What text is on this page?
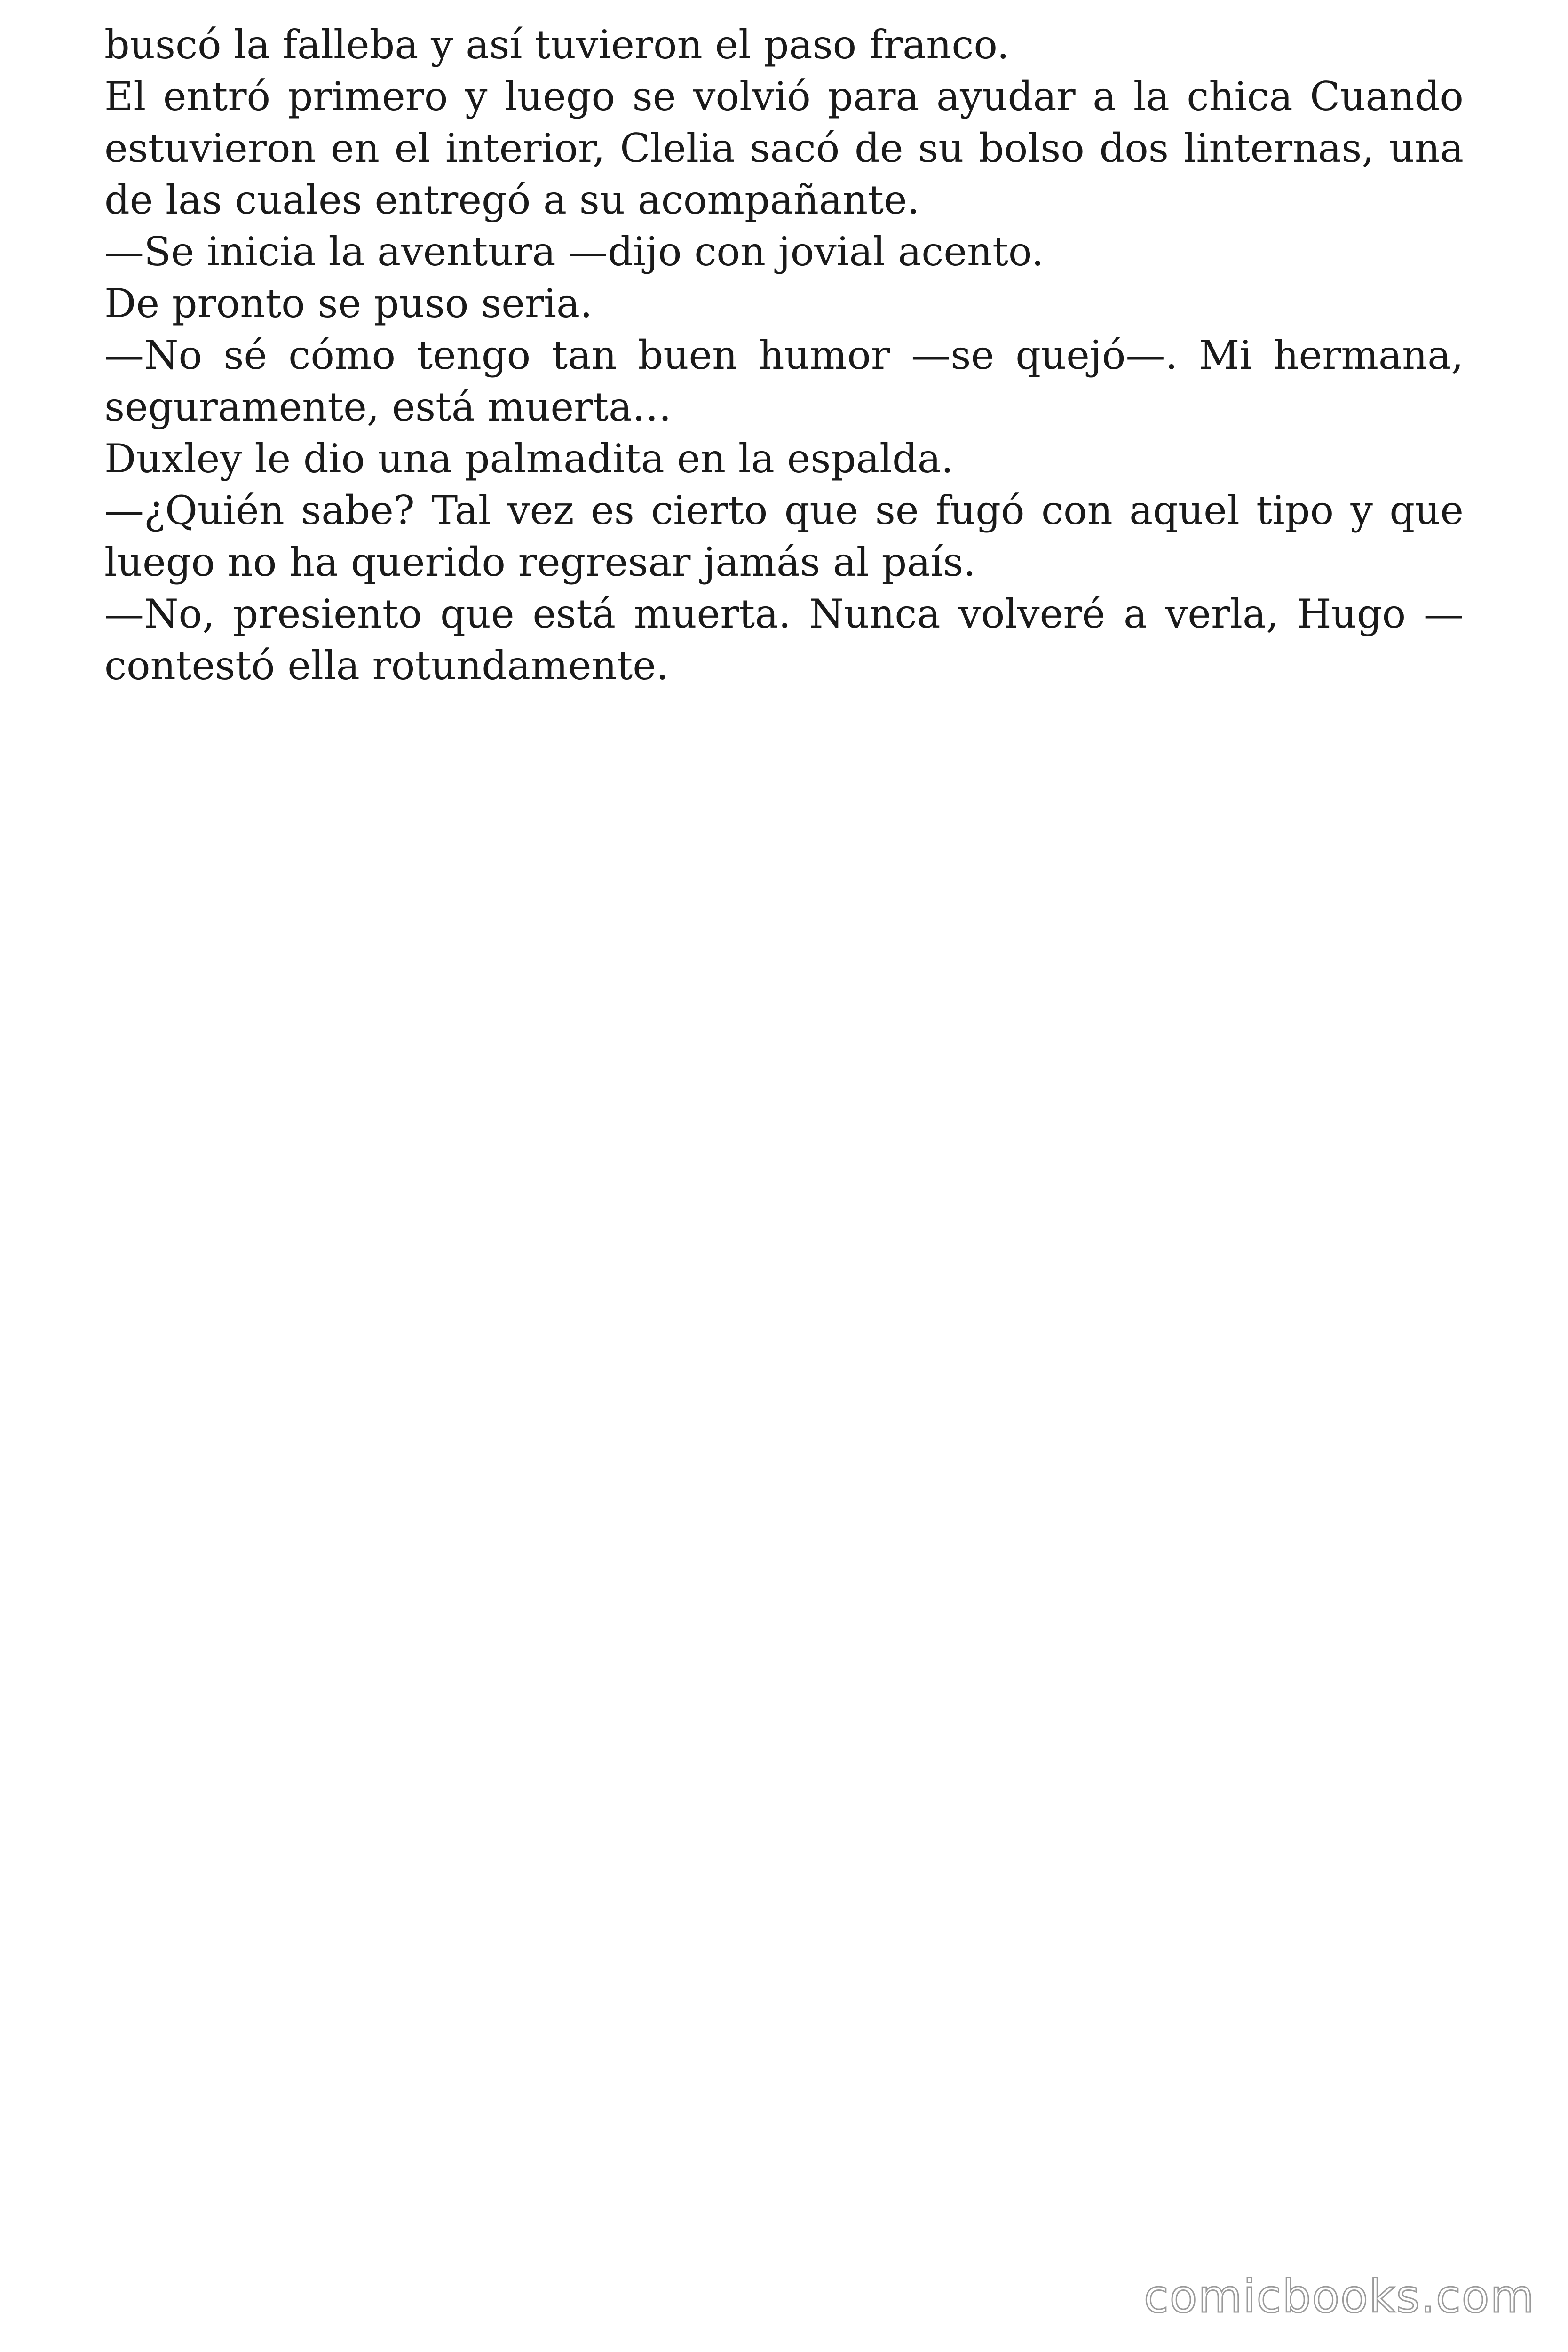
buscó la falleba y así tuvieron el paso franco.

El entró primero y luego se volvió para ayudar a la chica Cuando estuvieron en el interior, Clelia sacó de su bolso dos linternas, una de las cuales entregó a su acompañante.

—Se inicia la aventura —dijo con jovial acento.

De pronto se puso seria.

—No sé cómo tengo tan buen humor —se quejó—. Mi hermana, seguramente, está muerta…

Duxley le dio una palmadita en la espalda.

—¿Quién sabe? Tal vez es cierto que se fugó con aquel tipo y que luego no ha querido regresar jamás al país.

—No, presiento que está muerta. Nunca volveré a verla, Hugo —contestó ella rotundamente.

comicbooks.com
